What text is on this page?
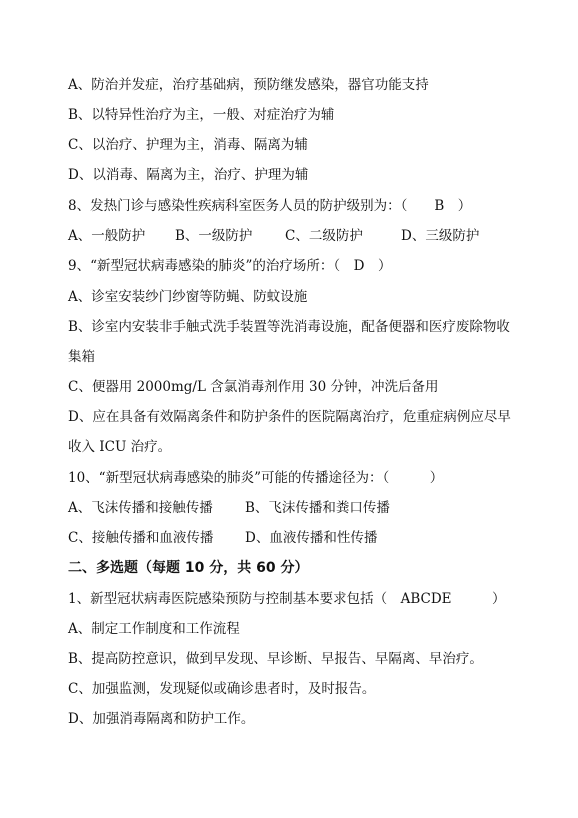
A、防治并发症，治疗基础病，预防继发感染，器官功能支持
B、以特异性治疗为主，一般、对症治疗为辅
C、以治疗、护理为主，消毒、隔离为辅
D、以消毒、隔离为主，治疗、护理为辅
8、发热门诊与感染性疾病科室医务人员的防护级别为：（　　B　）
A、一般防护 B、一级防护 C、二级防护	D、三级防护
9、“新型冠状病毒感染的肺炎”的治疗场所：（　D　）
A、诊室安装纱门纱窗等防蝇、防蚊设施
B、诊室内安装非手触式洗手装置等洗消毒设施，配备便器和医疗废除物收
集箱
C、便器用 2000mg/L 含氯消毒剂作用 30 分钟，冲洗后备用
D、应在具备有效隔离条件和防护条件的医院隔离治疗，危重症病例应尽早
收入 ICU 治疗。
10、“新型冠状病毒感染的肺炎”可能的传播途径为：（　　　）
A、飞沫传播和接触传播 B、飞沫传播和粪口传播
C、接触传播和血液传播 D、血液传播和性传播
二、多选题（每题 10 分，共 60 分）
1、新型冠状病毒医院感染预防与控制基本要求包括（　ABCDE　　　）
A、制定工作制度和工作流程
B、提高防控意识，做到早发现、早诊断、早报告、早隔离、早治疗。
C、加强监测，发现疑似或确诊患者时，及时报告。
D、加强消毒隔离和防护工作。
